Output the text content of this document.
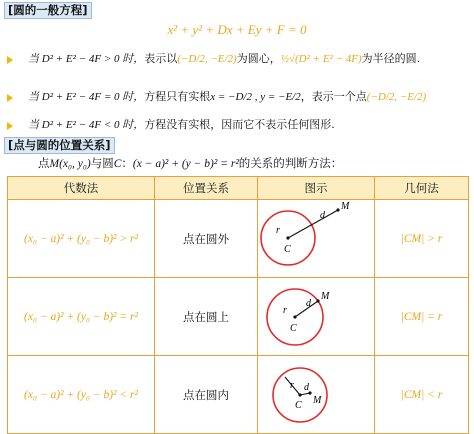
[圆的一般方程]
x² + y² + Dx + Ey + F = 0
当 D² + E² − 4F > 0 时，表示以(−D/2, −E/2)为圆心，½√(D² + E² − 4F)为半径的圆.
当 D² + E² − 4F = 0 时，方程只有实根x = −D/2 , y = −E/2，表示一个点(−D/2, −E/2)
当 D² + E² − 4F < 0 时，方程没有实根，因而它不表示任何图形.
[点与圆的位置关系]
点M(x₀, y₀)与圆C：(x − a)² + (y − b)² = r²的关系的判断方法：
代数法	位置关系	图示	几何法
(x₀ − a)² + (y₀ − b)² > r²	点在圆外	r
d
C
M	|CM| > r
(x₀ − a)² + (y₀ − b)² = r²	点在圆上	r
d
C
M	|CM| = r
(x₀ − a)² + (y₀ − b)² < r²	点在圆内	r d
C M	|CM| < r
